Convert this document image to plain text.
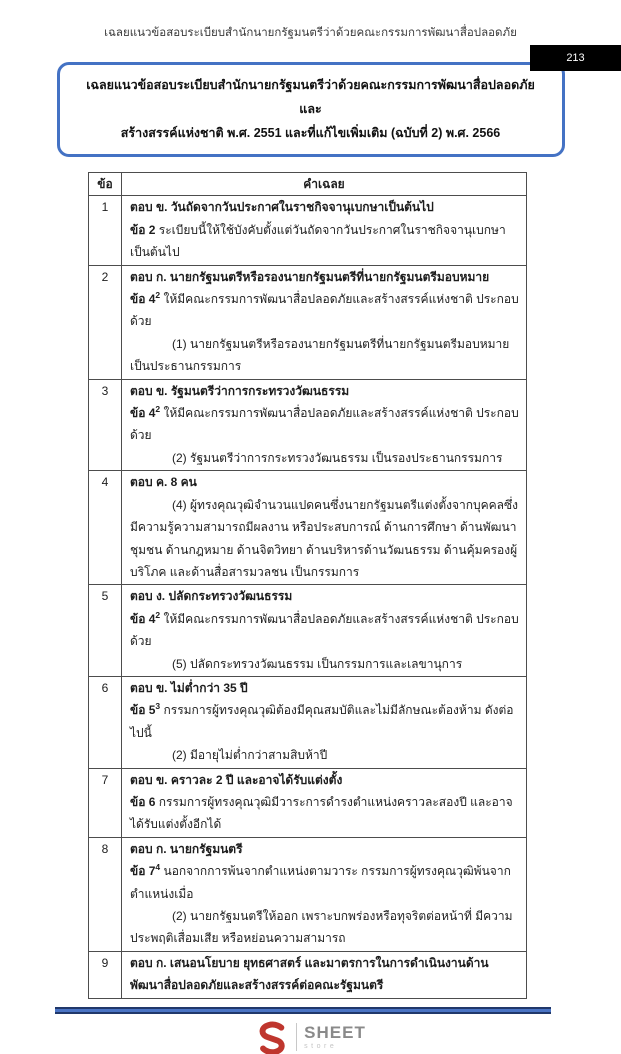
เฉลยแนวข้อสอบระเบียบสำนักนายกรัฐมนตรีว่าด้วยคณะกรรมการพัฒนาสื่อปลอดภัย
213
เฉลยแนวข้อสอบระเบียบสำนักนายกรัฐมนตรีว่าด้วยคณะกรรมการพัฒนาสื่อปลอดภัยและ
สร้างสรรค์แห่งชาติ พ.ศ. 2551 และที่แก้ไขเพิ่มเติม (ฉบับที่ 2) พ.ศ. 2566
ข้อ	คำเฉลย
1	ตอบ ข. วันถัดจากวันประกาศในราชกิจจานุเบกษาเป็นต้นไป
ข้อ 2 ระเบียบนี้ให้ใช้บังคับตั้งแต่วันถัดจากวันประกาศในราชกิจจานุเบกษาเป็นต้นไป

2	ตอบ ก. นายกรัฐมนตรีหรือรองนายกรัฐมนตรีที่นายกรัฐมนตรีมอบหมาย
ข้อ $4^2$ ให้มีคณะกรรมการพัฒนาสื่อปลอดภัยและสร้างสรรค์แห่งชาติ ประกอบด้วย
(1) นายกรัฐมนตรีหรือรองนายกรัฐมนตรีที่นายกรัฐมนตรีมอบหมาย เป็นประธานกรรมการ

3	ตอบ ข. รัฐมนตรีว่าการกระทรวงวัฒนธรรม
ข้อ $4^2$ ให้มีคณะกรรมการพัฒนาสื่อปลอดภัยและสร้างสรรค์แห่งชาติ ประกอบด้วย
(2) รัฐมนตรีว่าการกระทรวงวัฒนธรรม เป็นรองประธานกรรมการ

4	ตอบ ค. 8 คน
(4) ผู้ทรงคุณวุฒิจำนวนแปดคนซึ่งนายกรัฐมนตรีแต่งตั้งจากบุคคลซึ่งมีความรู้ความสามารถมีผลงาน หรือประสบการณ์ ด้านการศึกษา ด้านพัฒนาชุมชน ด้านกฎหมาย ด้านจิตวิทยา ด้านบริหารด้านวัฒนธรรม ด้านคุ้มครองผู้บริโภค และด้านสื่อสารมวลชน เป็นกรรมการ

5	ตอบ ง. ปลัดกระทรวงวัฒนธรรม
ข้อ $4^2$ ให้มีคณะกรรมการพัฒนาสื่อปลอดภัยและสร้างสรรค์แห่งชาติ ประกอบด้วย
(5) ปลัดกระทรวงวัฒนธรรม เป็นกรรมการและเลขานุการ

6	ตอบ ข. ไม่ต่ำกว่า 35 ปี
ข้อ $5^3$ กรรมการผู้ทรงคุณวุฒิต้องมีคุณสมบัติและไม่มีลักษณะต้องห้าม ดังต่อไปนี้
(2) มีอายุไม่ต่ำกว่าสามสิบห้าปี

7	ตอบ ข. คราวละ 2 ปี และอาจได้รับแต่งตั้ง
ข้อ 6 กรรมการผู้ทรงคุณวุฒิมีวาระการดำรงตำแหน่งคราวละสองปี และอาจได้รับแต่งตั้งอีกได้

8	ตอบ ก. นายกรัฐมนตรี
ข้อ $7^4$ นอกจากการพ้นจากตำแหน่งตามวาระ กรรมการผู้ทรงคุณวุฒิพ้นจากตำแหน่งเมื่อ
(2) นายกรัฐมนตรีให้ออก เพราะบกพร่องหรือทุจริตต่อหน้าที่ มีความประพฤติเสื่อมเสีย หรือหย่อนความสามารถ

9	ตอบ ก. เสนอนโยบาย ยุทธศาสตร์ และมาตรการในการดำเนินงานด้านพัฒนาสื่อปลอดภัยและสร้างสรรค์ต่อคณะรัฐมนตรี
SHEET
store
